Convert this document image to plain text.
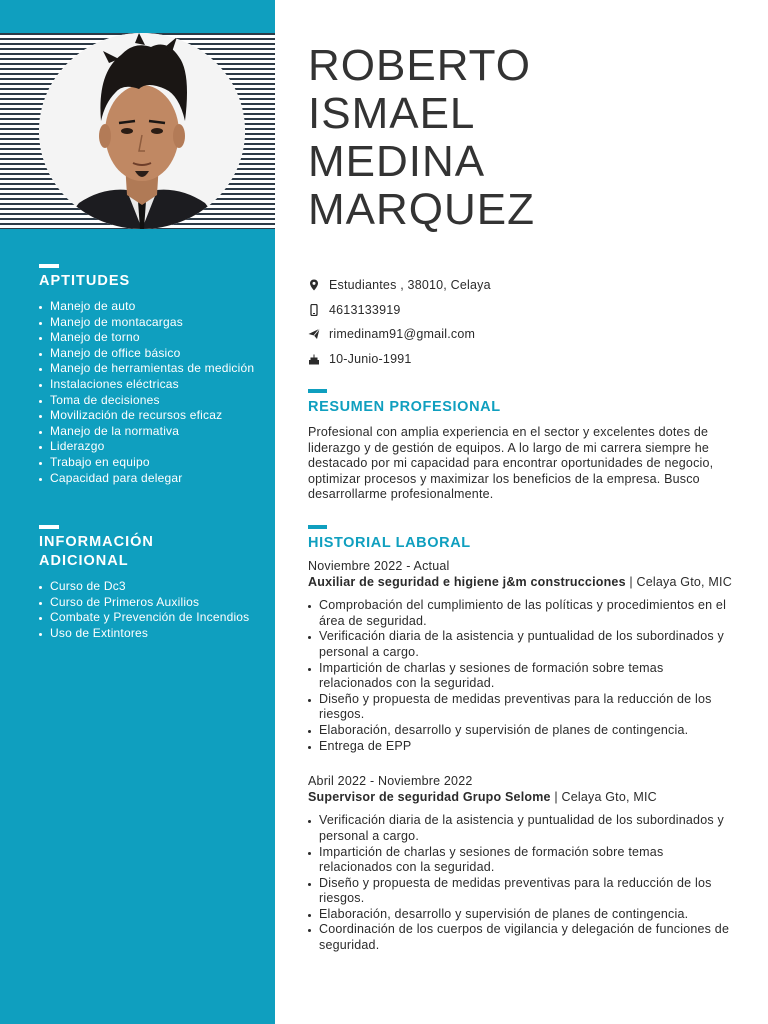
APTITUDES
Manejo de auto
Manejo de montacargas
Manejo de torno
Manejo de office básico
Manejo de herramientas de medición
Instalaciones eléctricas
Toma de decisiones
Movilización de recursos eficaz
Manejo de la normativa
Liderazgo
Trabajo en equipo
Capacidad para delegar
INFORMACIÓN
ADICIONAL
Curso de Dc3
Curso de Primeros Auxilios
Combate y Prevención de Incendios
Uso de Extintores
ROBERTO
ISMAEL
MEDINA
MARQUEZ
Estudiantes , 38010, Celaya
4613133919
rimedinam91@gmail.com
10-Junio-1991
RESUMEN PROFESIONAL

Profesional con amplia experiencia en el sector y excelentes dotes de liderazgo y de gestión de equipos. A lo largo de mi carrera siempre he destacado por mi capacidad para encontrar oportunidades de negocio, optimizar procesos y maximizar los beneficios de la empresa. Busco desarrollarme profesionalmente.

HISTORIAL LABORAL
Noviembre 2022 - Actual
Auxiliar de seguridad e higiene j&m construcciones | Celaya Gto, MIC
Comprobación del cumplimiento de las políticas y procedimientos en el área de seguridad.
Verificación diaria de la asistencia y puntualidad de los subordinados y personal a cargo.
Impartición de charlas y sesiones de formación sobre temas relacionados con la seguridad.
Diseño y propuesta de medidas preventivas para la reducción de los riesgos.
Elaboración, desarrollo y supervisión de planes de contingencia.
Entrega de EPP
Abril 2022 - Noviembre 2022
Supervisor de seguridad Grupo Selome | Celaya Gto, MIC
Verificación diaria de la asistencia y puntualidad de los subordinados y personal a cargo.
Impartición de charlas y sesiones de formación sobre temas relacionados con la seguridad.
Diseño y propuesta de medidas preventivas para la reducción de los riesgos.
Elaboración, desarrollo y supervisión de planes de contingencia.
Coordinación de los cuerpos de vigilancia y delegación de funciones de seguridad.
